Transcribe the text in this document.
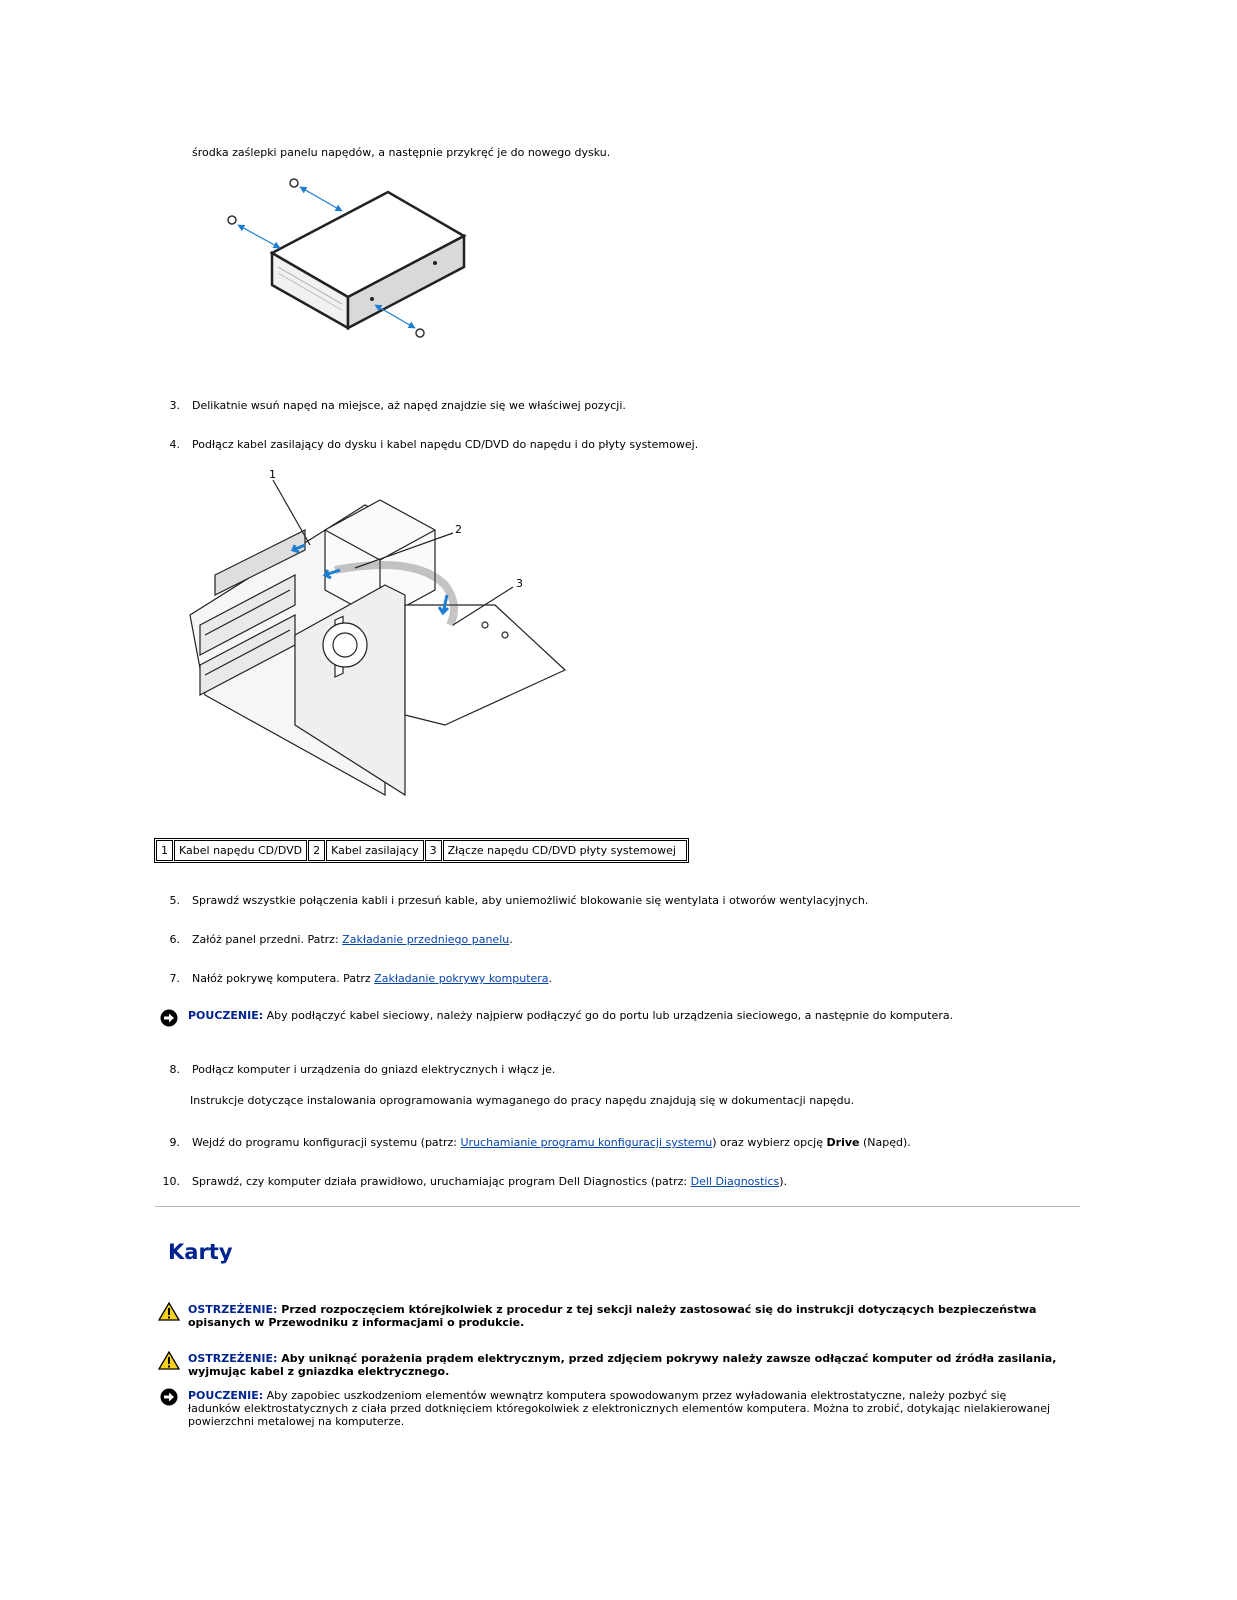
środka zaślepki panelu napędów, a następnie przykręć je do nowego dysku.
3. Delikatnie wsuń napęd na miejsce, aż napęd znajdzie się we właściwej pozycji.
4. Podłącz kabel zasilający do dysku i kabel napędu CD/DVD do napędu i do płyty systemowej.
1
2
3
1	Kabel napędu CD/DVD	2	Kabel zasilający	3	Złącze napędu CD/DVD płyty systemowej
5. Sprawdź wszystkie połączenia kabli i przesuń kable, aby uniemożliwić blokowanie się wentylata i otworów wentylacyjnych.
6. Załóż panel przedni. Patrz: Zakładanie przedniego panelu.
7. Nałóż pokrywę komputera. Patrz Zakładanie pokrywy komputera.
POUCZENIE: Aby podłączyć kabel sieciowy, należy najpierw podłączyć go do portu lub urządzenia sieciowego, a następnie do komputera.
8. Podłącz komputer i urządzenia do gniazd elektrycznych i włącz je.
Instrukcje dotyczące instalowania oprogramowania wymaganego do pracy napędu znajdują się w dokumentacji napędu.
9. Wejdź do programu konfiguracji systemu (patrz: Uruchamianie programu konfiguracji systemu) oraz wybierz opcję Drive (Napęd).
10. Sprawdź, czy komputer działa prawidłowo, uruchamiając program Dell Diagnostics (patrz: Dell Diagnostics).
Karty
OSTRZEŻENIE: Przed rozpoczęciem którejkolwiek z procedur z tej sekcji należy zastosować się do instrukcji dotyczących bezpieczeństwa opisanych w Przewodniku z informacjami o produkcie.
OSTRZEŻENIE: Aby uniknąć porażenia prądem elektrycznym, przed zdjęciem pokrywy należy zawsze odłączać komputer od źródła zasilania, wyjmując kabel z gniazdka elektrycznego.
POUCZENIE: Aby zapobiec uszkodzeniom elementów wewnątrz komputera spowodowanym przez wyładowania elektrostatyczne, należy pozbyć się ładunków elektrostatycznych z ciała przed dotknięciem któregokolwiek z elektronicznych elementów komputera. Można to zrobić, dotykając nielakierowanej powierzchni metalowej na komputerze.
